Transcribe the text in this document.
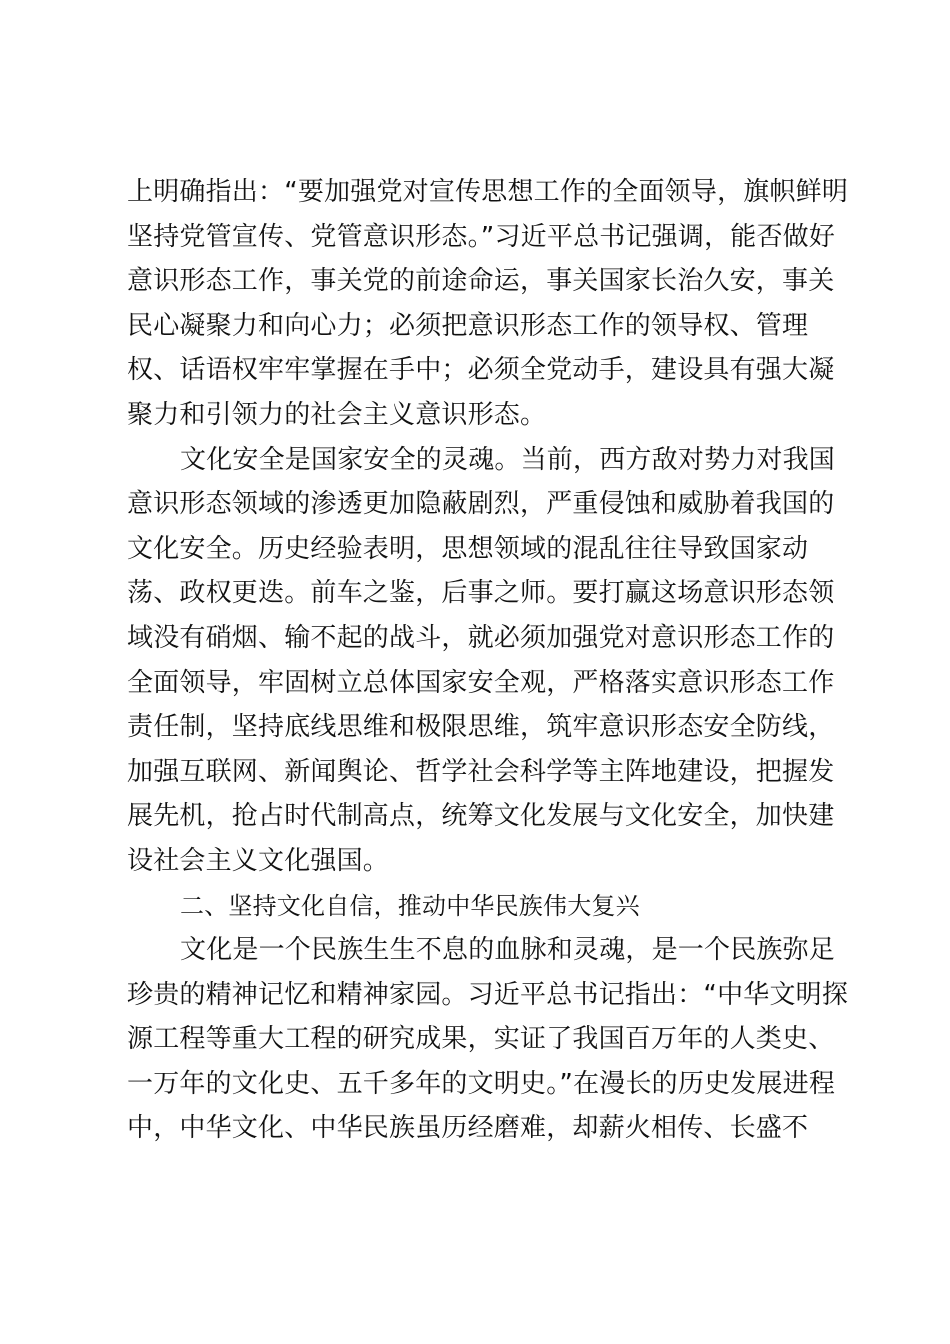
上明确指出：“要加强党对宣传思想工作的全面领导，旗帜鲜明
坚持党管宣传、党管意识形态。”习近平总书记强调，能否做好
意识形态工作，事关党的前途命运，事关国家长治久安，事关
民心凝聚力和向心力；必须把意识形态工作的领导权、管理
权、话语权牢牢掌握在手中；必须全党动手，建设具有强大凝
聚力和引领力的社会主义意识形态。
文化安全是国家安全的灵魂。当前，西方敌对势力对我国
意识形态领域的渗透更加隐蔽剧烈，严重侵蚀和威胁着我国的
文化安全。历史经验表明，思想领域的混乱往往导致国家动
荡、政权更迭。前车之鉴，后事之师。要打赢这场意识形态领
域没有硝烟、输不起的战斗，就必须加强党对意识形态工作的
全面领导，牢固树立总体国家安全观，严格落实意识形态工作
责任制，坚持底线思维和极限思维，筑牢意识形态安全防线，
加强互联网、新闻舆论、哲学社会科学等主阵地建设，把握发
展先机，抢占时代制高点，统筹文化发展与文化安全，加快建
设社会主义文化强国。
二、坚持文化自信，推动中华民族伟大复兴
文化是一个民族生生不息的血脉和灵魂，是一个民族弥足
珍贵的精神记忆和精神家园。习近平总书记指出：“中华文明探
源工程等重大工程的研究成果，实证了我国百万年的人类史、
一万年的文化史、五千多年的文明史。”在漫长的历史发展进程
中，中华文化、中华民族虽历经磨难，却薪火相传、长盛不
